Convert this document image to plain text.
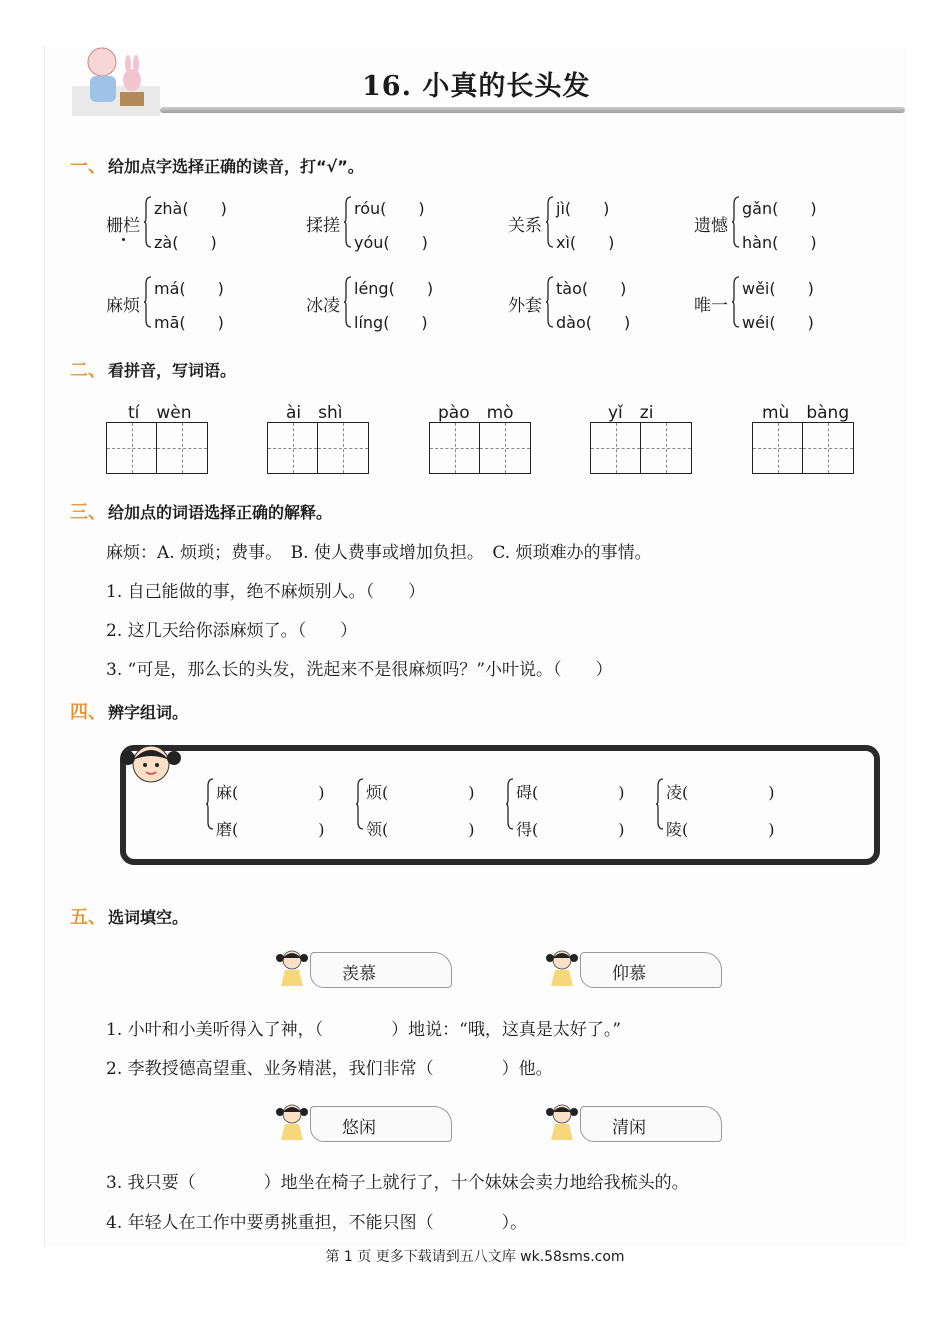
16. 小真的长头发
一、 给加点字选择正确的读音，打“√”。
栅栏
zhà(　　)
zà(　　)
揉搓
róu(　　)
yóu(　　)
关系
jì(　　)
xì(　　)
遗憾
gǎn(　　)
hàn(　　)
麻烦
má(　　)
mā(　　)
冰凌
léng(　　)
líng(　　)
外套
tào(　　)
dào(　　)
唯一
wěi(　　)
wéi(　　)
二、 看拼音，写词语。
tí　wèn	ài　shì	pào　mò	yǐ　zi	mù　bàng
三、 给加点的词语选择正确的解释。
麻烦：A. 烦琐；费事。　B. 使人费事或增加负担。　C. 烦琐难办的事情。
1. 自己能做的事，绝不麻烦别人。（　　）
2. 这几天给你添麻烦了。（　　）
3. “可是，那么长的头发，洗起来不是很麻烦吗？”小叶说。（　　）
四、 辨字组词。
麻(　　　　　)
磨(　　　　　)
烦(　　　　　)
领(　　　　　)
碍(　　　　　)
得(　　　　　)
凌(　　　　　)
陵(　　　　　)
五、 选词填空。
羡慕	仰慕
1. 小叶和小美听得入了神，（　　　　）地说：“哦，这真是太好了。”
2. 李教授德高望重、业务精湛，我们非常（　　　　）他。
悠闲	清闲
3. 我只要（　　　　）地坐在椅子上就行了，十个妹妹会卖力地给我梳头的。
4. 年轻人在工作中要勇挑重担，不能只图（　　　　）。
第 1 页 更多下载请到五八文库 wk.58sms.com
